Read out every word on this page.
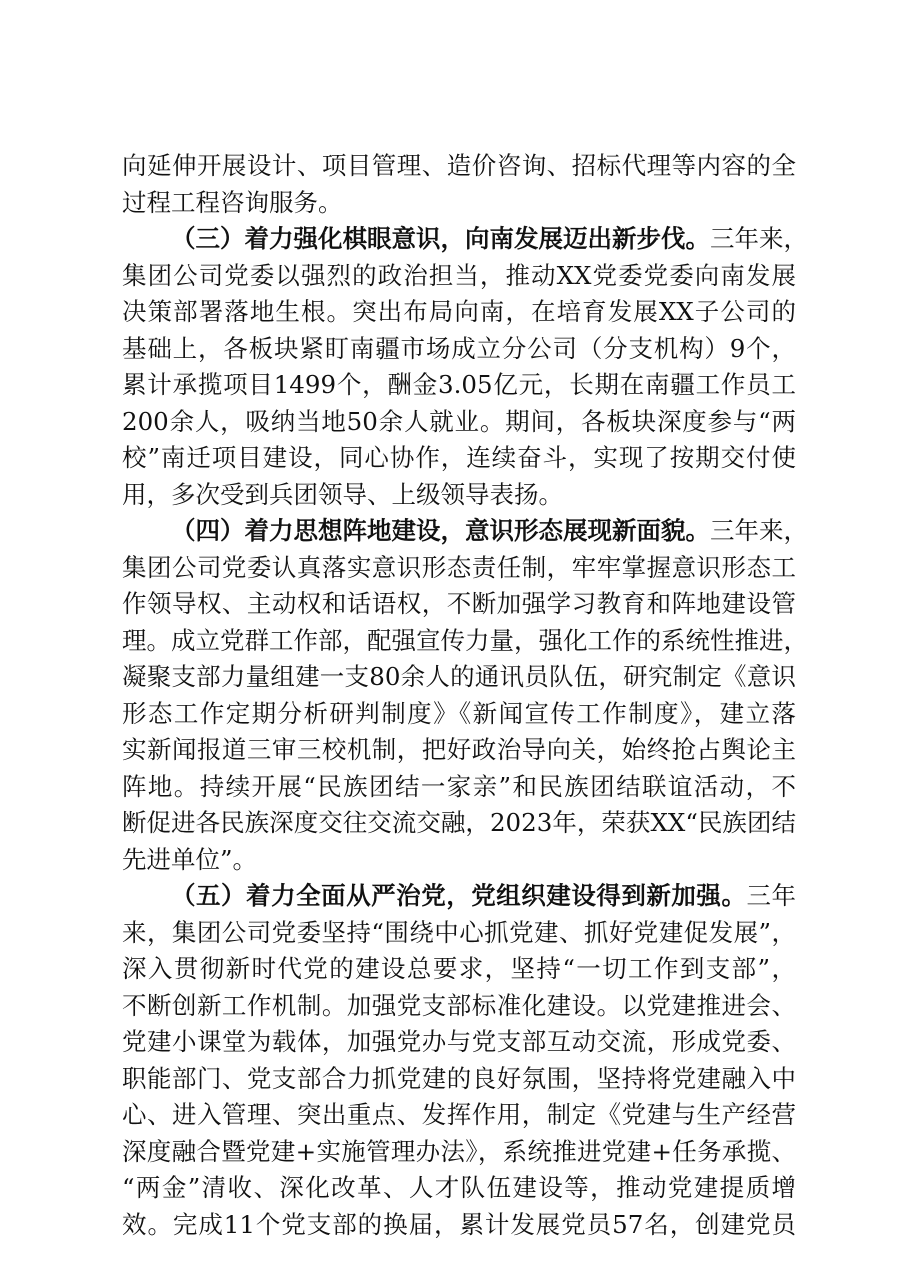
向延伸开展设计、项目管理、造价咨询、招标代理等内容的全
过程工程咨询服务。
（三）着力强化棋眼意识，向南发展迈出新步伐。三年来，
集团公司党委以强烈的政治担当，推动XX党委党委向南发展
决策部署落地生根。突出布局向南，在培育发展XX子公司的
基础上，各板块紧盯南疆市场成立分公司（分支机构）9个，
累计承揽项目1499个，酬金3.05亿元，长期在南疆工作员工
200余人，吸纳当地50余人就业。期间，各板块深度参与“两
校”南迁项目建设，同心协作，连续奋斗，实现了按期交付使
用，多次受到兵团领导、上级领导表扬。
（四）着力思想阵地建设，意识形态展现新面貌。三年来，
集团公司党委认真落实意识形态责任制，牢牢掌握意识形态工
作领导权、主动权和话语权，不断加强学习教育和阵地建设管
理。成立党群工作部，配强宣传力量，强化工作的系统性推进，
凝聚支部力量组建一支80余人的通讯员队伍，研究制定《意识
形态工作定期分析研判制度》《新闻宣传工作制度》，建立落
实新闻报道三审三校机制，把好政治导向关，始终抢占舆论主
阵地。持续开展“民族团结一家亲”和民族团结联谊活动，不
断促进各民族深度交往交流交融，2023年，荣获XX“民族团结
先进单位”。
（五）着力全面从严治党，党组织建设得到新加强。三年
来，集团公司党委坚持“围绕中心抓党建、抓好党建促发展”，
深入贯彻新时代党的建设总要求，坚持“一切工作到支部”，
不断创新工作机制。加强党支部标准化建设。以党建推进会、
党建小课堂为载体，加强党办与党支部互动交流，形成党委、
职能部门、党支部合力抓党建的良好氛围，坚持将党建融入中
心、进入管理、突出重点、发挥作用，制定《党建与生产经营
深度融合暨党建+实施管理办法》，系统推进党建+任务承揽、
“两金”清收、深化改革、人才队伍建设等，推动党建提质增
效。完成11个党支部的换届，累计发展党员57名，创建党员
